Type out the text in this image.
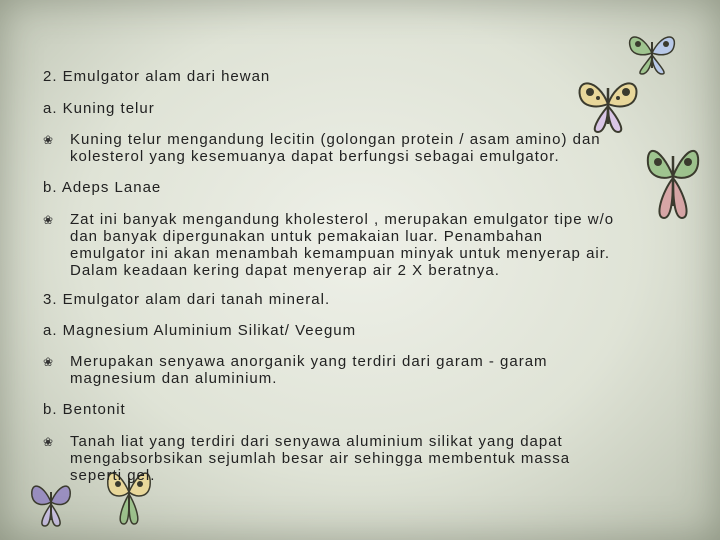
2. Emulgator alam dari hewan

a. Kuning telur

❀ Kuning telur mengandung lecitin (golongan protein / asam amino) dan
kolesterol yang kesemuanya dapat berfungsi sebagai emulgator.

b. Adeps Lanae

❀ Zat ini banyak mengandung kholesterol , merupakan emulgator tipe w/o
dan banyak dipergunakan untuk pemakaian luar. Penambahan
emulgator ini akan menambah kemampuan minyak untuk menyerap air.
Dalam keadaan kering dapat menyerap air 2 X beratnya.

3. Emulgator alam dari tanah mineral.

a. Magnesium Aluminium Silikat/ Veegum

❀ Merupakan senyawa anorganik yang terdiri dari garam - garam
magnesium dan aluminium.

b. Bentonit

❀ Tanah liat yang terdiri dari senyawa aluminium silikat yang dapat
mengabsorbsikan sejumlah besar air sehingga membentuk massa
seperti gel.
